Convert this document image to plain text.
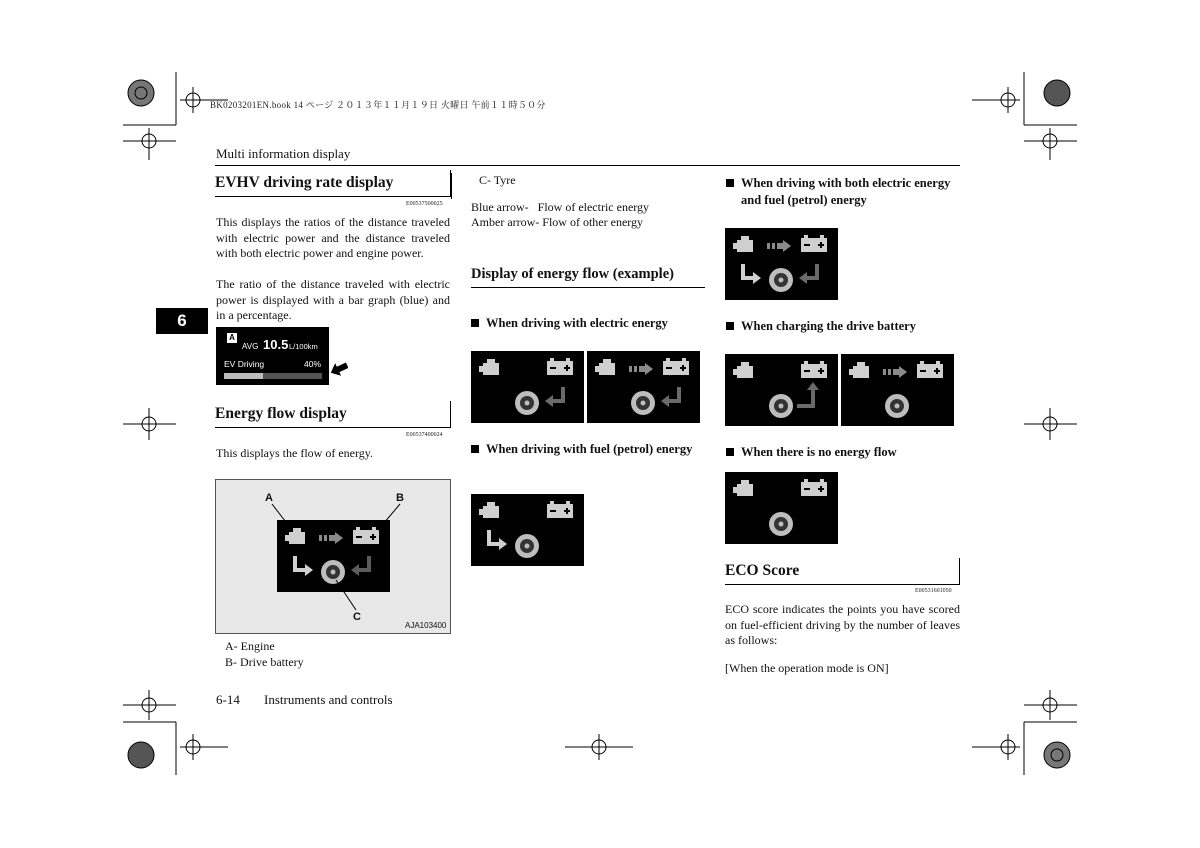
BK0203201EN.book 14 ページ ２０１３年１１月１９日 火曜日 午前１１時５０分
Multi information display
6
EVHV driving rate display
E00537500025
This displays the ratios of the distance traveled with electric power and the distance traveled with both electric power and engine power.
The ratio of the distance traveled with electric power is displayed with a bar graph (blue) and in a percentage.
A
AVG 10.5 L/100km
EV Driving	40%
Energy flow display
E00537400024
This displays the flow of energy.
A	B
C
AJA103400
A- Engine
B- Drive battery
6-14 Instruments and controls
C- Tyre
Blue arrow-   Flow of electric energy
Amber arrow- Flow of other energy
Display of energy flow (example)
When driving with electric energy
When driving with fuel (petrol) energy
When driving with both electric energy and fuel (petrol) energy
When charging the drive battery
When there is no energy flow
ECO Score
E00531601050
ECO score indicates the points you have scored on fuel-efficient driving by the number of leaves as follows:
[When the operation mode is ON]
